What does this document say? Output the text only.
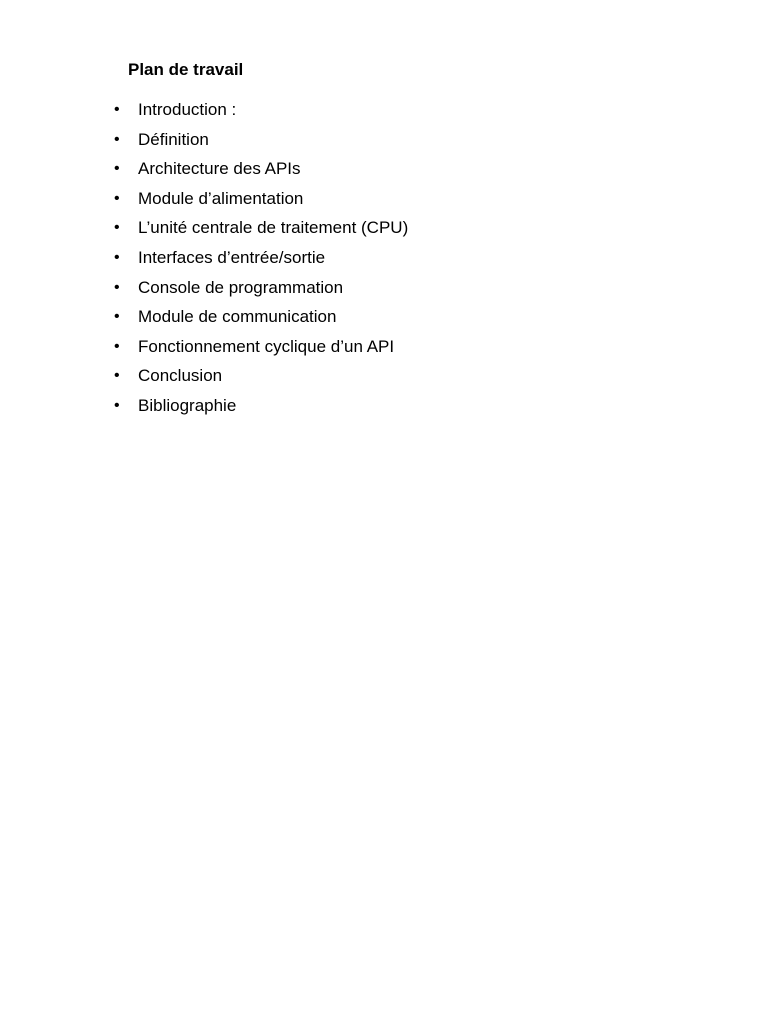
Plan de travail
• Introduction :
• Définition
• Architecture des APIs
• Module d’alimentation
• L’unité centrale de traitement (CPU)
• Interfaces d’entrée/sortie
• Console de programmation
• Module de communication
• Fonctionnement cyclique d’un API
• Conclusion
• Bibliographie
